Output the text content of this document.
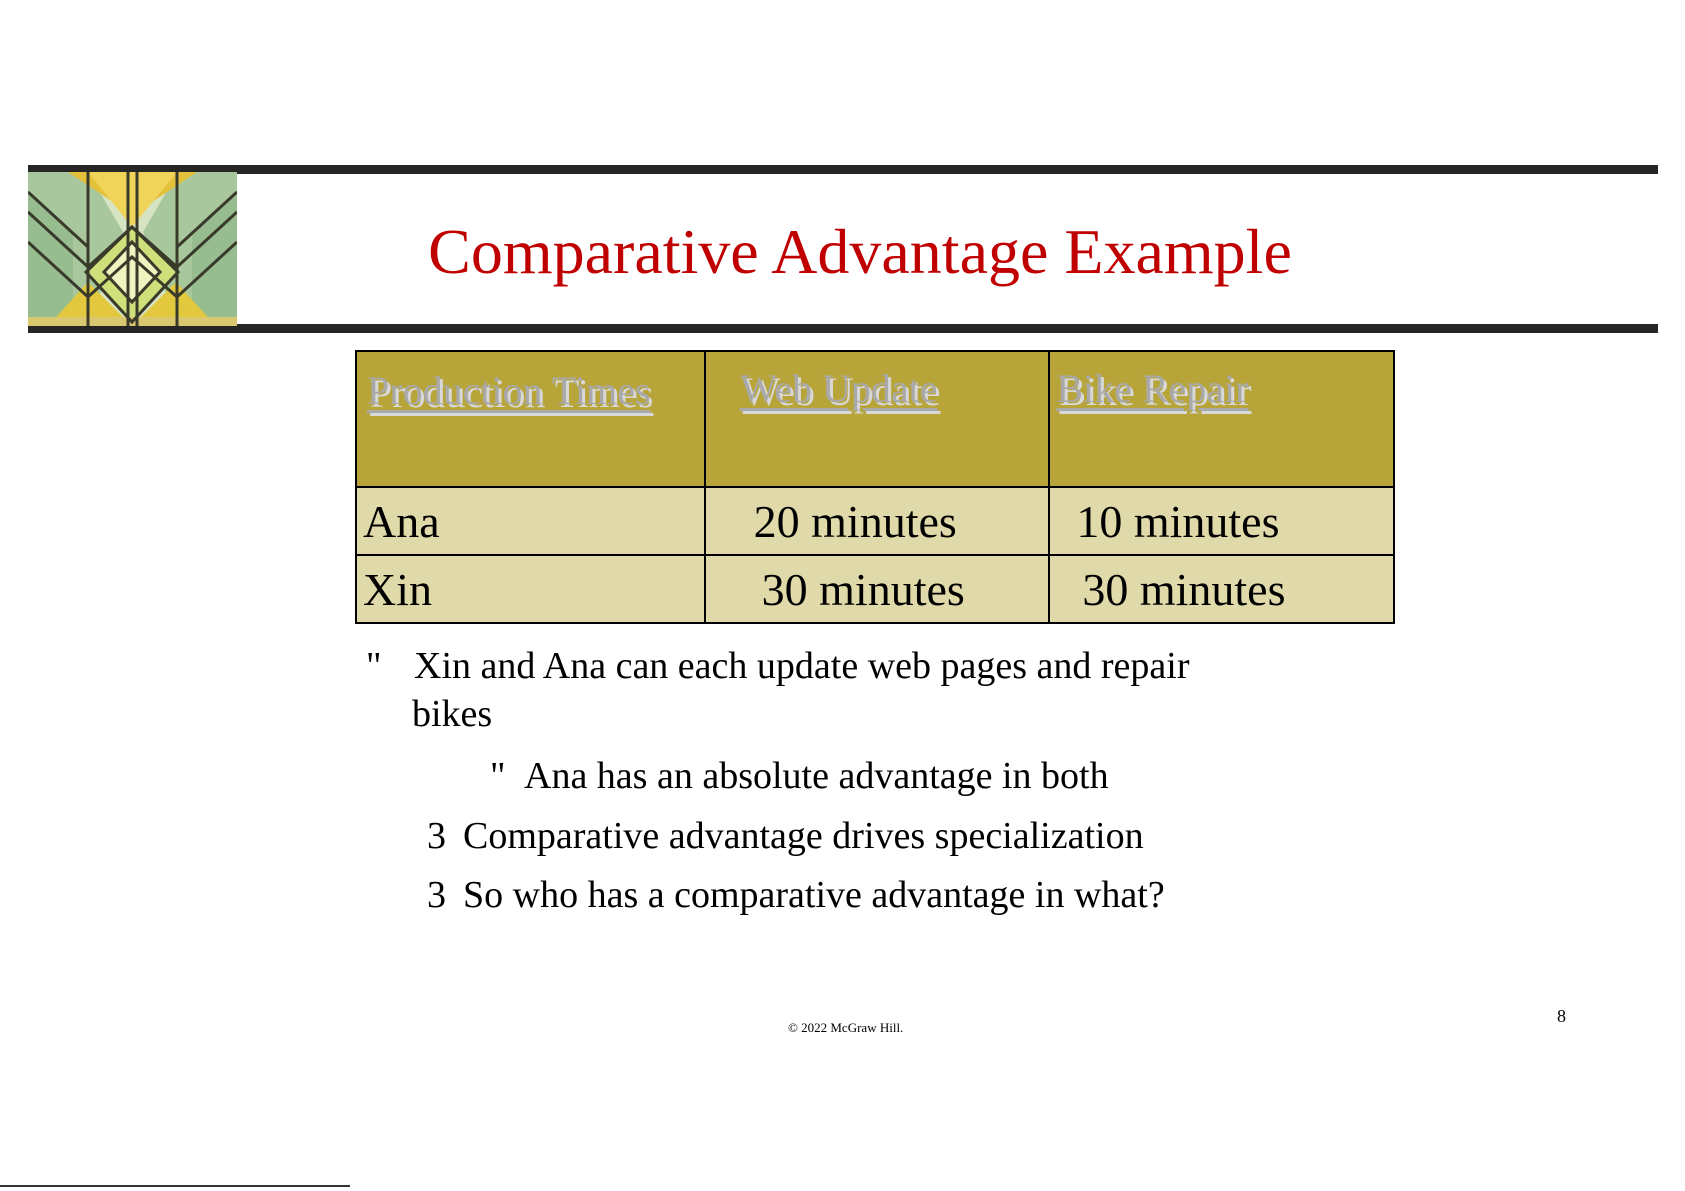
Comparative Advantage Example
Production Times	Web Update	Bike Repair
Ana	20 minutes	10 minutes
Xin	30 minutes	30 minutes
" Xin and Ana can each update web pages and repair
bikes
" Ana has an absolute advantage in both
3 Comparative advantage drives specialization
3 So who has a comparative advantage in what?
© 2022 McGraw Hill.
8
